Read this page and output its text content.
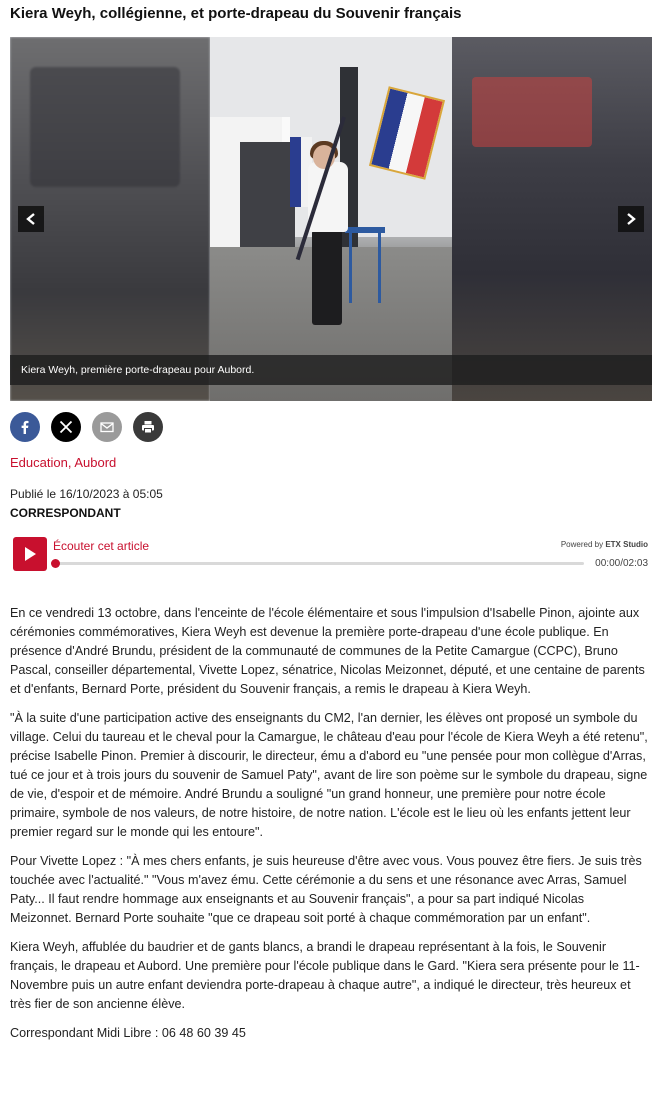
Kiera Weyh, collégienne, et porte-drapeau du Souvenir français
Kiera Weyh, première porte-drapeau pour Aubord.
Education, Aubord
Publié le 16/10/2023 à 05:05
CORRESPONDANT
Écouter cet article	Powered by ETX Studio
00:00/02:03

En ce vendredi 13 octobre, dans l'enceinte de l'école élémentaire et sous l'impulsion d'Isabelle Pinon, ajointe aux cérémonies commémoratives, Kiera Weyh est devenue la première porte-drapeau d'une école publique. En présence d'André Brundu, président de la communauté de communes de la Petite Camargue (CCPC), Bruno Pascal, conseiller départemental, Vivette Lopez, sénatrice, Nicolas Meizonnet, député, et une centaine de parents et d'enfants, Bernard Porte, président du Souvenir français, a remis le drapeau à Kiera Weyh.

"À la suite d'une participation active des enseignants du CM2, l'an dernier, les élèves ont proposé un symbole du village. Celui du taureau et le cheval pour la Camargue, le château d'eau pour l'école de Kiera Weyh a été retenu", précise Isabelle Pinon. Premier à discourir, le directeur, ému a d'abord eu "une pensée pour mon collègue d'Arras, tué ce jour et à trois jours du souvenir de Samuel Paty", avant de lire son poème sur le symbole du drapeau, signe de vie, d'espoir et de mémoire. André Brundu a souligné "un grand honneur, une première pour notre école primaire, symbole de nos valeurs, de notre histoire, de notre nation. L'école est le lieu où les enfants jettent leur premier regard sur le monde qui les entoure".

Pour Vivette Lopez : "À mes chers enfants, je suis heureuse d'être avec vous. Vous pouvez être fiers. Je suis très touchée avec l'actualité." "Vous m'avez ému. Cette cérémonie a du sens et une résonance avec Arras, Samuel Paty... Il faut rendre hommage aux enseignants et au Souvenir français", a pour sa part indiqué Nicolas Meizonnet. Bernard Porte souhaite "que ce drapeau soit porté à chaque commémoration par un enfant".

Kiera Weyh, affublée du baudrier et de gants blancs, a brandi le drapeau représentant à la fois, le Souvenir français, le drapeau et Aubord. Une première pour l'école publique dans le Gard. "Kiera sera présente pour le 11-Novembre puis un autre enfant deviendra porte-drapeau à chaque autre", a indiqué le directeur, très heureux et très fier de son ancienne élève.

Correspondant Midi Libre : 06 48 60 39 45
